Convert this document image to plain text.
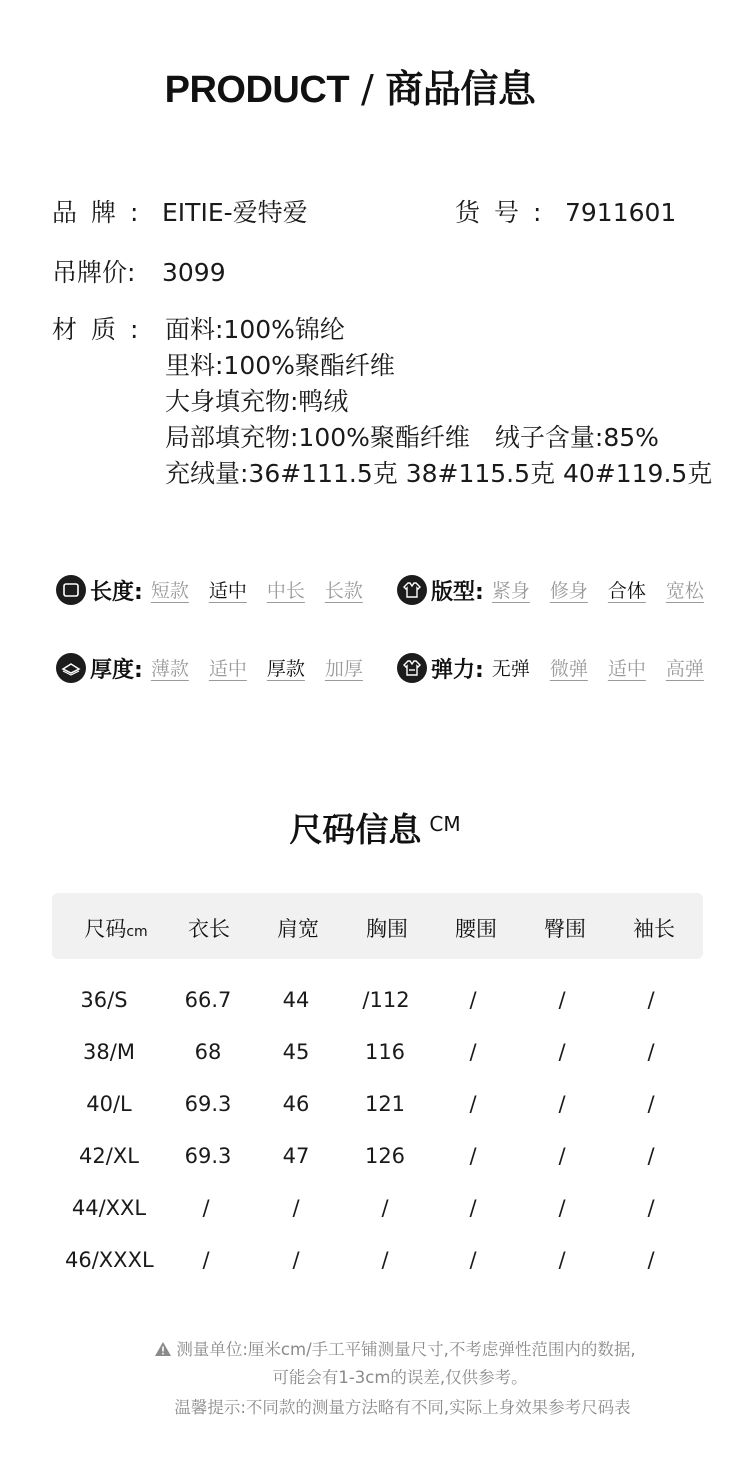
PRODUCT / 商品信息
品牌: EITIE-爱特爱	货号: 7911601
吊牌价: 3099
材质: 面料:100%锦纶
里料:100%聚酯纤维
大身填充物:鸭绒
局部填充物:100%聚酯纤维　绒子含量:85%
充绒量:36#111.5克 38#115.5克 40#119.5克
长度: 短款 适中 中长 长款	版型: 紧身 修身 合体 宽松
厚度: 薄款 适中 厚款 加厚	弹力: 无弹 微弹 适中 高弹
尺码信息 $^{CM}$
尺码cm	衣长	肩宽	胸围	腰围	臀围	袖长
36/S	66.7	44	/112	/	/	/
38/M	68	45	116	/	/	/
40/L	69.3	46	121	/	/	/
42/XL	69.3	47	126	/	/	/
44/XXL	/	/	/	/	/	/
46/XXXL	/	/	/	/	/	/
测量单位:厘米cm/手工平铺测量尺寸,不考虑弹性范围内的数据,
可能会有1-3cm的误差,仅供参考。
温馨提示:不同款的测量方法略有不同,实际上身效果参考尺码表
